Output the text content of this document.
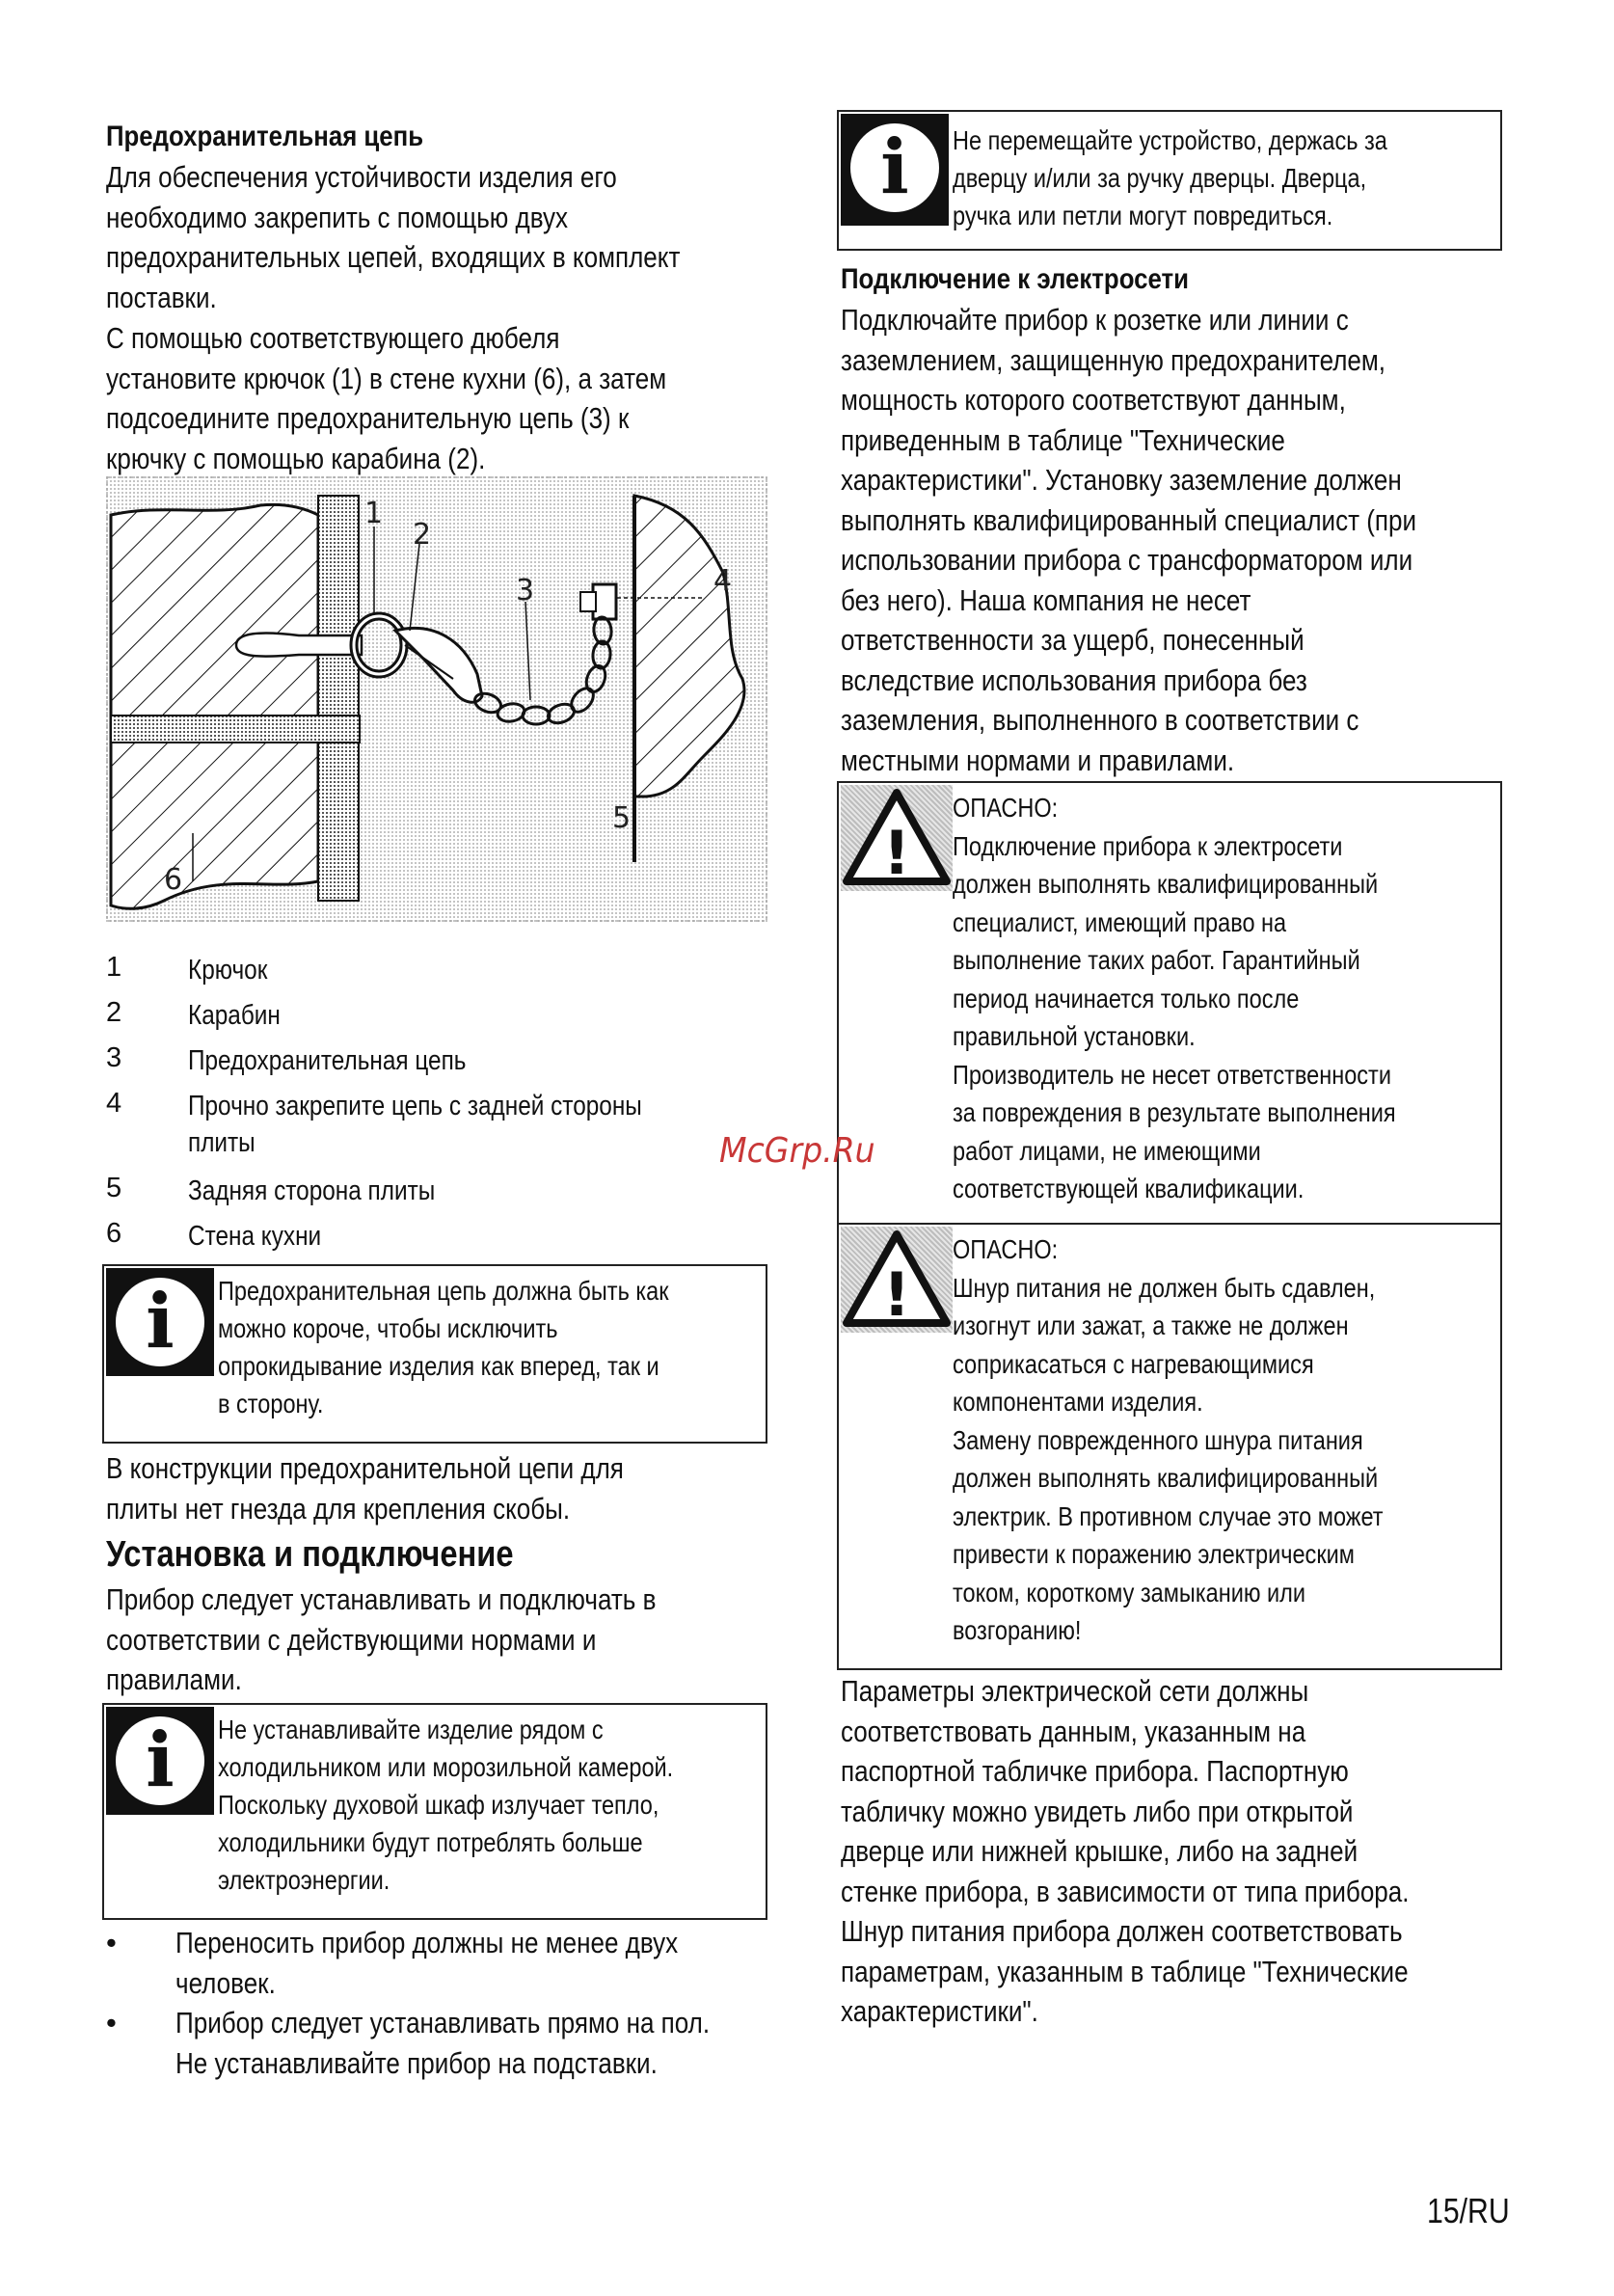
Предохранительная цепь
Для обеспечения устойчивости изделия его
необходимо закрепить с помощью двух
предохранительных цепей, входящих в комплект
поставки.
С помощью соответствующего дюбеля
установите крючок (1) в стене кухни (6), а затем
подсоедините предохранительную цепь (3) к
крючку с помощью карабина (2).
1
2
3	4
5
6
1 Крючок
2 Карабин
3 Предохранительная цепь
4 Прочно закрепите цепь с задней стороны
плиты
5 Задняя сторона плиты
6 Стена кухни
i	Предохранительная цепь должна быть как
можно короче, чтобы исключить
опрокидывание изделия как вперед, так и
в сторону.
В конструкции предохранительной цепи для
плиты нет гнезда для крепления скобы.
Установка и подключение
Прибор следует устанавливать и подключать в
соответствии с действующими нормами и
правилами.
i	Не устанавливайте изделие рядом с
холодильником или морозильной камерой.
Поскольку духовой шкаф излучает тепло,
холодильники будут потреблять больше
электроэнергии.
• Переносить прибор должны не менее двух
человек.
• Прибор следует устанавливать прямо на пол.
Не устанавливайте прибор на подставки.
i	Не перемещайте устройство, держась за
дверцу и/или за ручку дверцы. Дверца,
ручка или петли могут повредиться.
Подключение к электросети
Подключайте прибор к розетке или линии с
заземлением, защищенную предохранителем,
мощность которого соответствуют данным,
приведенным в таблице "Технические
характеристики". Установку заземление должен
выполнять квалифицированный специалист (при
использовании прибора с трансформатором или
без него). Наша компания не несет
ответственности за ущерб, понесенный
вследствие использования прибора без
заземления, выполненного в соответствии с
местными нормами и правилами.
!
ОПАСНО:
Подключение прибора к электросети
должен выполнять квалифицированный
специалист, имеющий право на
выполнение таких работ. Гарантийный
период начинается только после
правильной установки.
Производитель не несет ответственности
за повреждения в результате выполнения
работ лицами, не имеющими
соответствующей квалификации.
!
ОПАСНО:
Шнур питания не должен быть сдавлен,
изогнут или зажат, а также не должен
соприкасаться с нагревающимися
компонентами изделия.
Замену поврежденного шнура питания
должен выполнять квалифицированный
электрик. В противном случае это может
привести к поражению электрическим
током, короткому замыканию или
возгоранию!
Параметры электрической сети должны
соответствовать данным, указанным на
паспортной табличке прибора. Паспортную
табличку можно увидеть либо при открытой
дверце или нижней крышке, либо на задней
стенке прибора, в зависимости от типа прибора.
Шнур питания прибора должен соответствовать
параметрам, указанным в таблице "Технические
характеристики".
McGrp.Ru
15/RU
